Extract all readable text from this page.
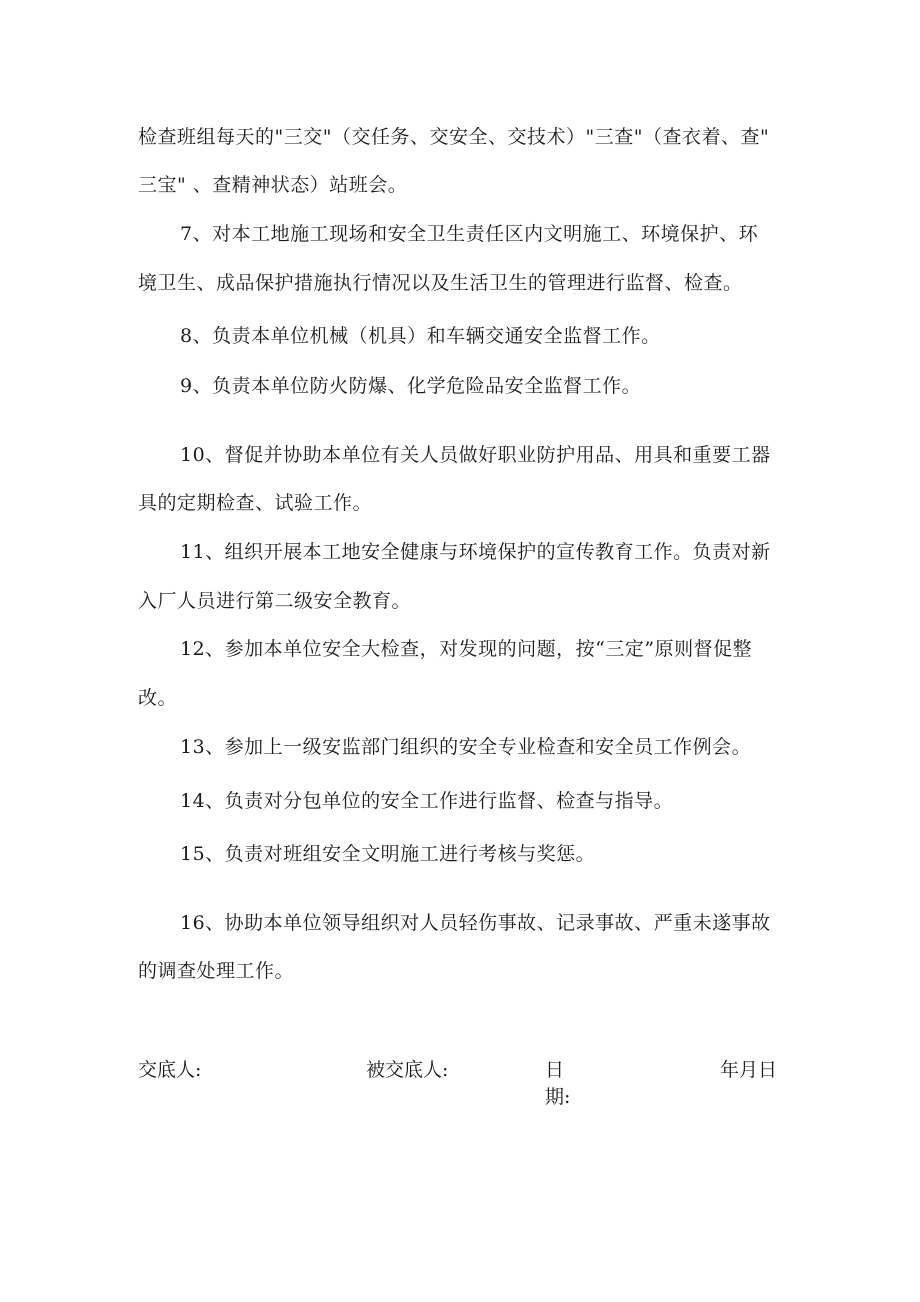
检查班组每天的"三交"（交任务、交安全、交技术）"三查"（查衣着、查"
三宝" 、查精神状态）站班会。
7、对本工地施工现场和安全卫生责任区内文明施工、环境保护、环
境卫生、成品保护措施执行情况以及生活卫生的管理进行监督、检查。
8、负责本单位机械（机具）和车辆交通安全监督工作。
9、负责本单位防火防爆、化学危险品安全监督工作。
10、督促并协助本单位有关人员做好职业防护用品、用具和重要工器
具的定期检查、试验工作。
11、组织开展本工地安全健康与环境保护的宣传教育工作。负责对新
入厂人员进行第二级安全教育。
12、参加本单位安全大检查，对发现的问题，按“三定”原则督促整
改。
13、参加上一级安监部门组织的安全专业检查和安全员工作例会。
14、负责对分包单位的安全工作进行监督、检查与指导。
15、负责对班组安全文明施工进行考核与奖惩。
16、协助本单位领导组织对人员轻伤事故、记录事故、严重未遂事故
的调查处理工作。
交底人:	被交底人:	日
期:
年月日
